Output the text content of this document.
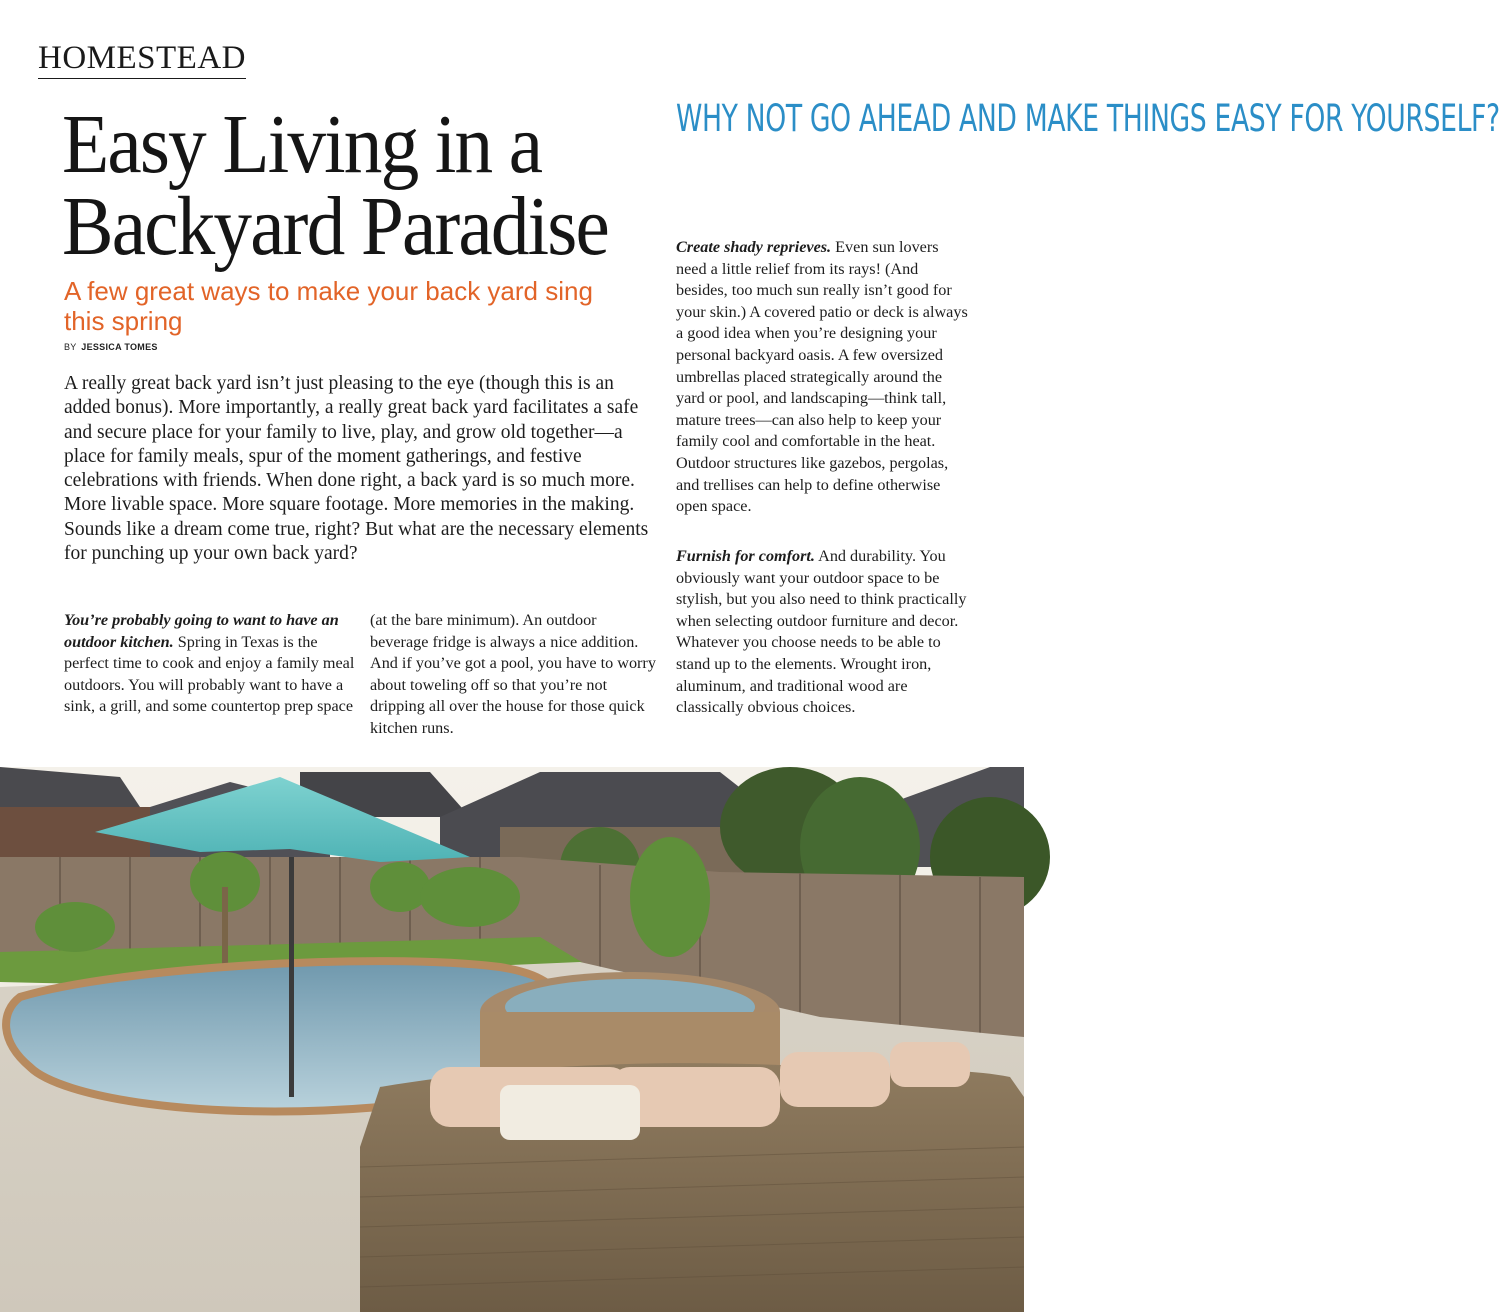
HOMESTEAD
Easy Living in a Backyard Paradise
A few great ways to make your back yard sing this spring
BY JESSICA TOMES

A really great back yard isn’t just pleasing to the eye (though this is an added bonus). More importantly, a really great back yard facilitates a safe and secure place for your family to live, play, and grow old together—a place for family meals, spur of the moment gatherings, and festive celebrations with friends. When done right, a back yard is so much more. More livable space. More square footage. More memories in the making. Sounds like a dream come true, right? But what are the necessary elements for punching up your own back yard?

You’re probably going to want to have an outdoor kitchen. Spring in Texas is the perfect time to cook and enjoy a family meal outdoors. You will probably want to have a sink, a grill, and some countertop prep space

(at the bare minimum). An outdoor beverage fridge is always a nice addition. And if you’ve got a pool, you have to worry about toweling off so that you’re not dripping all over the house for those quick kitchen runs.

WHY NOT GO AHEAD AND MAKE THINGS EASY FOR YOURSELF?

Create shady reprieves. Even sun lovers need a little relief from its rays! (And besides, too much sun really isn’t good for your skin.) A covered patio or deck is always a good idea when you’re designing your personal backyard oasis. A few oversized umbrellas placed strategically around the yard or pool, and landscaping—think tall, mature trees—can also help to keep your family cool and comfortable in the heat. Outdoor structures like gazebos, pergolas, and trellises can help to define otherwise open space.

Furnish for comfort. And durability. You obviously want your outdoor space to be stylish, but you also need to think practically when selecting outdoor furniture and decor. Whatever you choose needs to be able to stand up to the elements. Wrought iron, aluminum, and traditional wood are classically obvious choices.
